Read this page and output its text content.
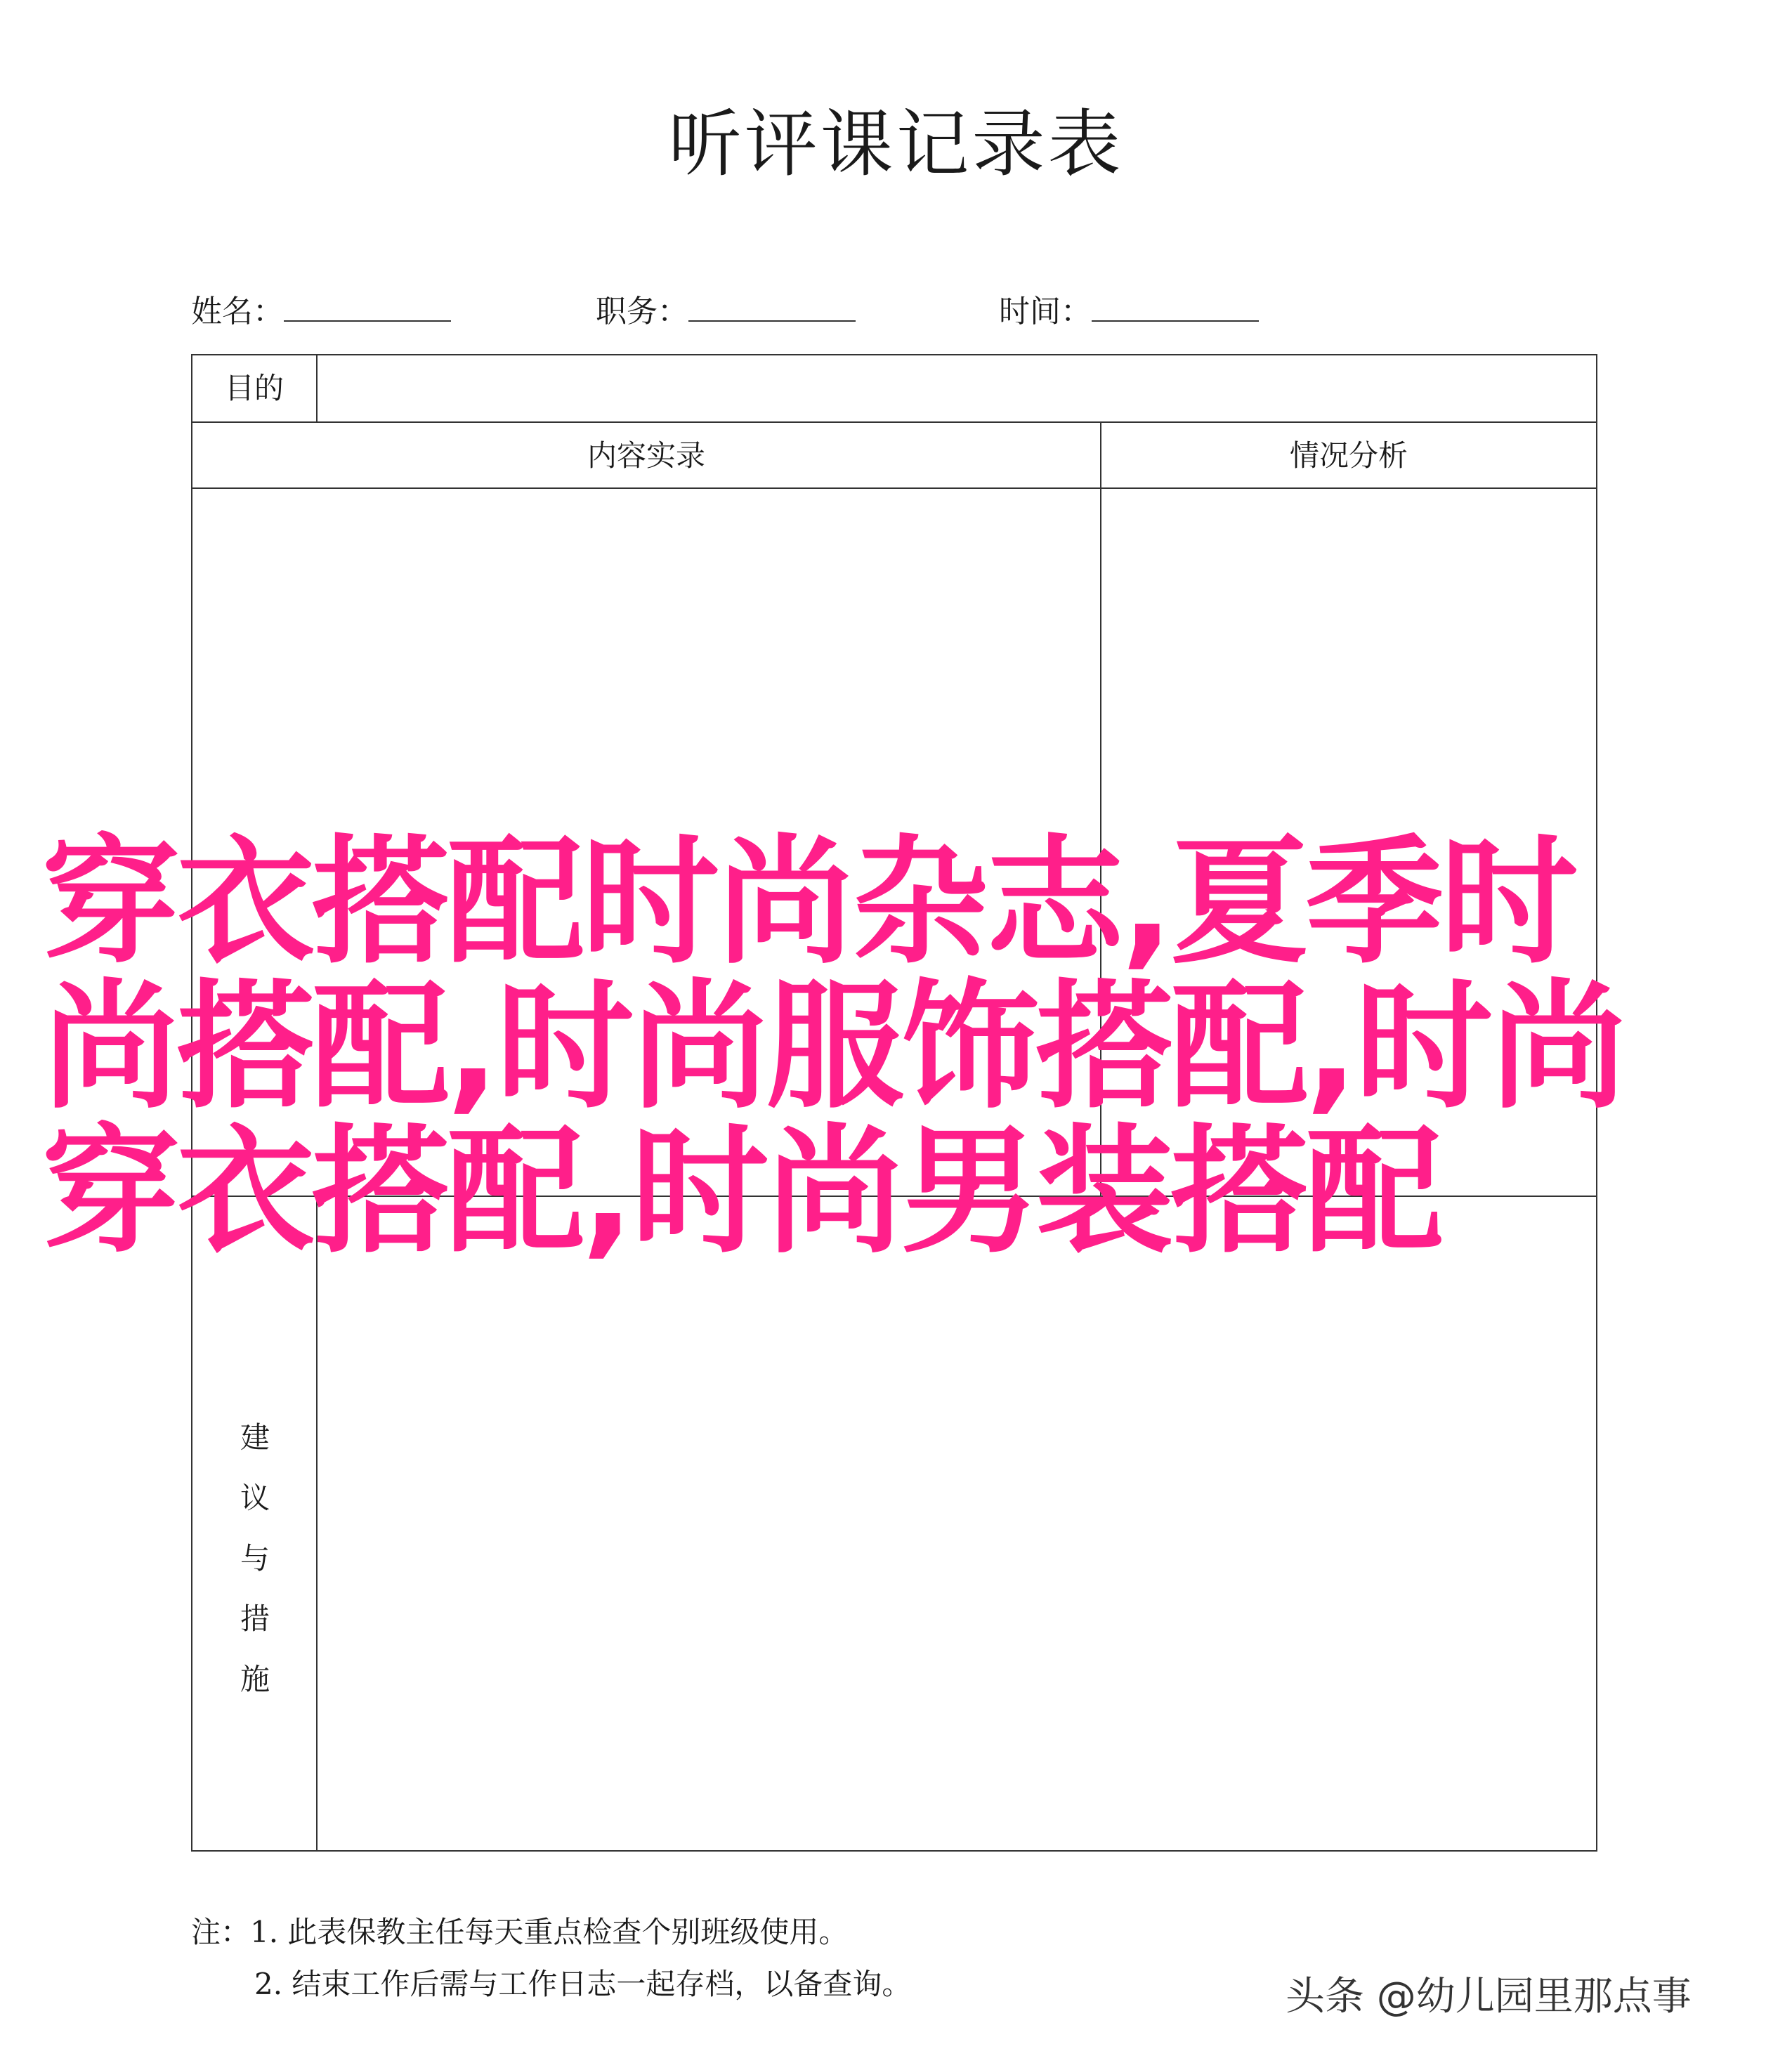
听评课记录表
姓名：	职务：	时间：
目的
内容实录	情况分析
建
议
与
措
施
穿衣搭配时尚杂志,夏季时尚搭配,时尚服饰搭配,时尚穿衣搭配,时尚男装搭配
注：1. 此表保教主任每天重点检查个别班级使用。
2. 结束工作后需与工作日志一起存档，以备查询。	头条 @幼儿园里那点事
